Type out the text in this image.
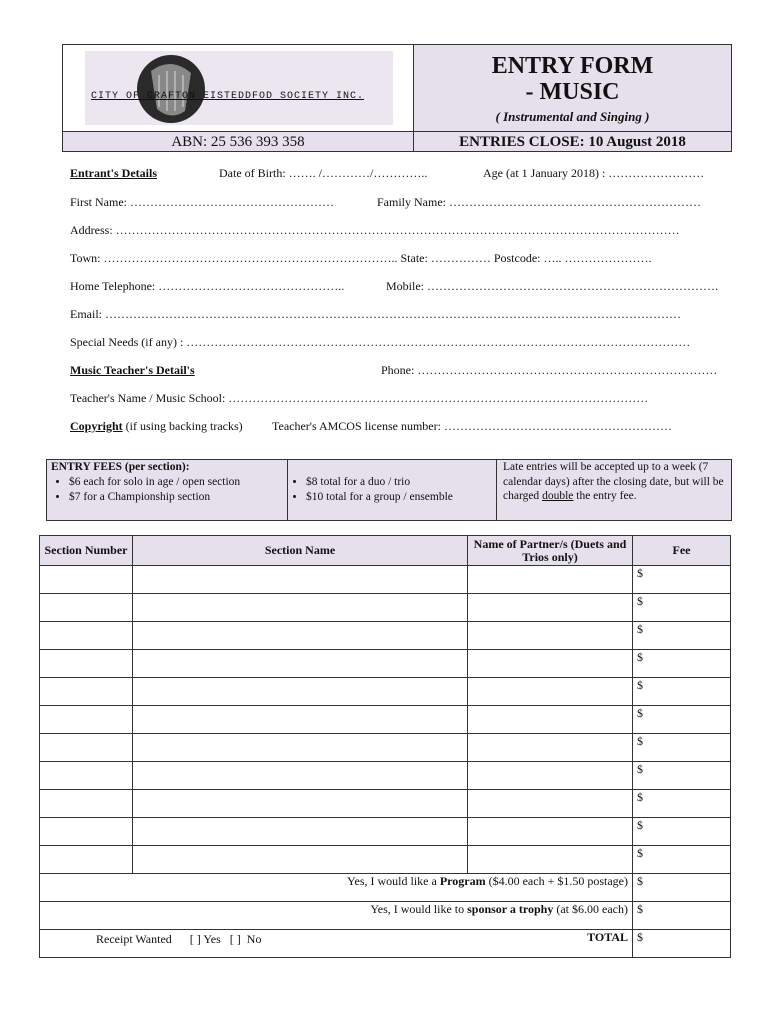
CITY OF GRAFTON EISTEDDFOD SOCIETY INC.
ENTRY FORM
- MUSIC
( Instrumental and Singing )
ABN: 25 536 393 358	ENTRIES CLOSE: 10 August 2018
Entrant's Details	Date of Birth: ……. /…………/…………..	Age (at 1 January 2018) : ……………………
First Name: ……………………………………………	Family Name: ………………………………………………………
Address: ……………………………………………………………………………………………………………………………
Town: ……………………………………………………………….. State: …………… Postcode: ….. ………………….
Home Telephone: ………………………………………..	Mobile: ……………………………………………………………….
Email: ………………………………………………………………………………………………………………………………
Special Needs (if any) : ………………………………………………………………………………………………………………
Music Teacher's Detail's	Phone: …………………………………………………………………
Teacher's Name / Music School: ……………………………………………………………………………………………
Copyright (if using backing tracks) Teacher's AMCOS license number: …………………………………………………
ENTRY FEES (per section):
• $6 each for solo in age / open section
• $7 for a Championship section
• $8 total for a duo / trio
• $10 total for a group / ensemble
Late entries will be accepted up to a week (7 calendar days) after the closing date, but will be charged double the entry fee.
Section Number	Section Name	Name of Partner/s (Duets and Trios only)	Fee
			$
			$
			$
			$
			$
			$
			$
			$
			$
			$
			$
Yes, I would like a Program ($4.00 each + $1.50 postage)			$
Yes, I would like to sponsor a trophy (at $6.00 each)			$

Receipt Wanted      [ ] Yes   [ ]  No TOTAL			$
